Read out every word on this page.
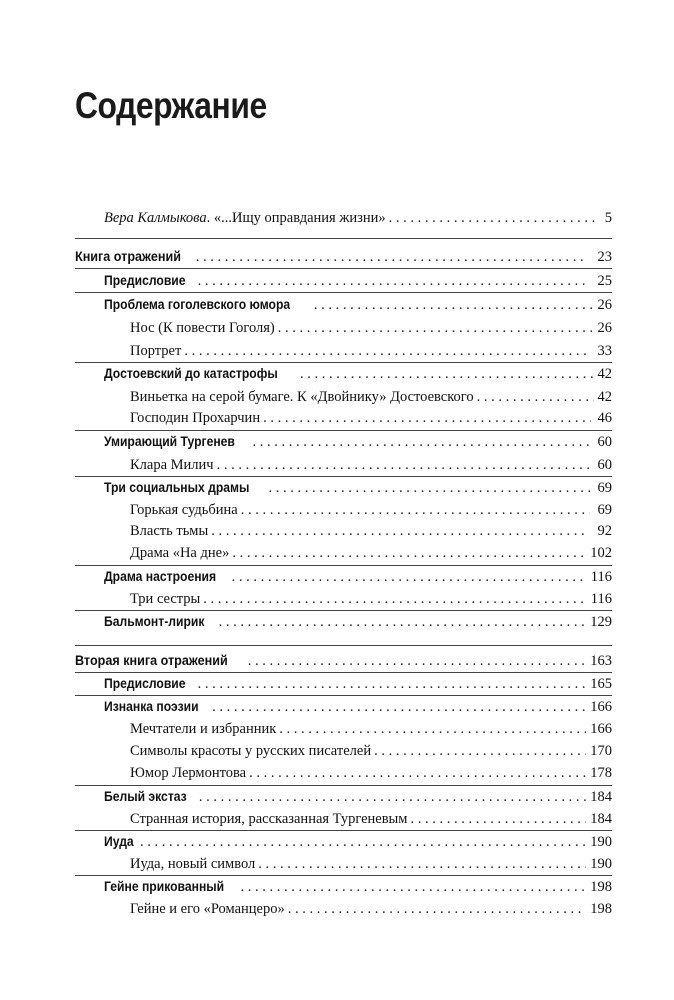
Содержание
Вера Калмыкова. «...Ищу оправдания жизни» . . .	5
Книга отражений . . .	23
Предисловие . . .	25
Проблема гоголевского юмора . . .	26
Нос (К повести Гоголя) . . .	26
Портрет . . .	33
Достоевский до катастрофы . . .	42
Виньетка на серой бумаге. К «Двойнику» Достоевского . . .	42
Господин Прохарчин . . .	46
Умирающий Тургенев . . .	60
Клара Милич . . .	60
Три социальных драмы . . .	69
Горькая судьбина . . .	69
Власть тьмы . . .	92
Драма «На дне» . . .	102
Драма настроения . . .	116
Три сестры . . .	116
Бальмонт-лирик . . .	129
Вторая книга отражений . . .	163
Предисловие . . .	165
Изнанка поэзии . . .	166
Мечтатели и избранник . . .	166
Символы красоты у русских писателей . . .	170
Юмор Лермонтова . . .	178
Белый экстаз . . .	184
Странная история, рассказанная Тургеневым . . .	184
Иуда . . .	190
Иуда, новый символ . . .	190
Гейне прикованный . . .	198
Гейне и его «Романцеро» . . .	198
